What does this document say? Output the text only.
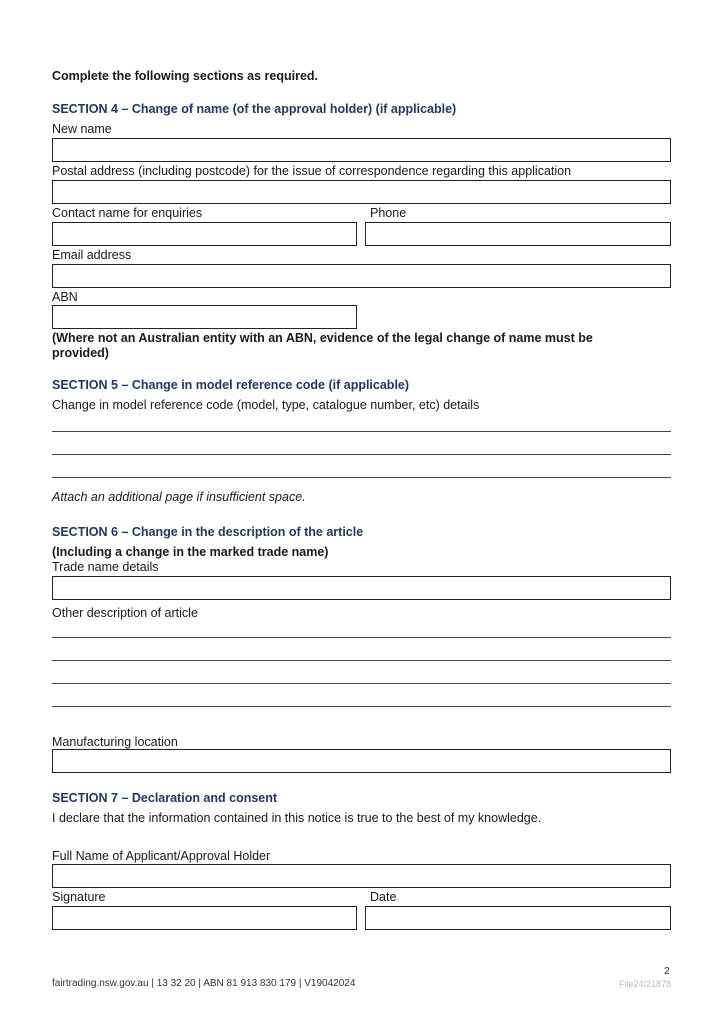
Complete the following sections as required.
SECTION 4 – Change of name (of the approval holder) (if applicable)
New name
Postal address (including postcode) for the issue of correspondence regarding this application
Contact name for enquiries	Phone
Email address
ABN
(Where not an Australian entity with an ABN, evidence of the legal change of name must be provided)
SECTION 5 – Change in model reference code (if applicable)
Change in model reference code (model, type, catalogue number, etc) details
Attach an additional page if insufficient space.
SECTION 6 – Change in the description of the article
(Including a change in the marked trade name)
Trade name details
Other description of article
Manufacturing location
SECTION 7 – Declaration and consent
I declare that the information contained in this notice is true to the best of my knowledge.
Full Name of Applicant/Approval Holder
Signature	Date
2
fairtrading.nsw.gov.au | 13 32 20 | ABN 81 913 830 179 | V19042024	File24/21878
